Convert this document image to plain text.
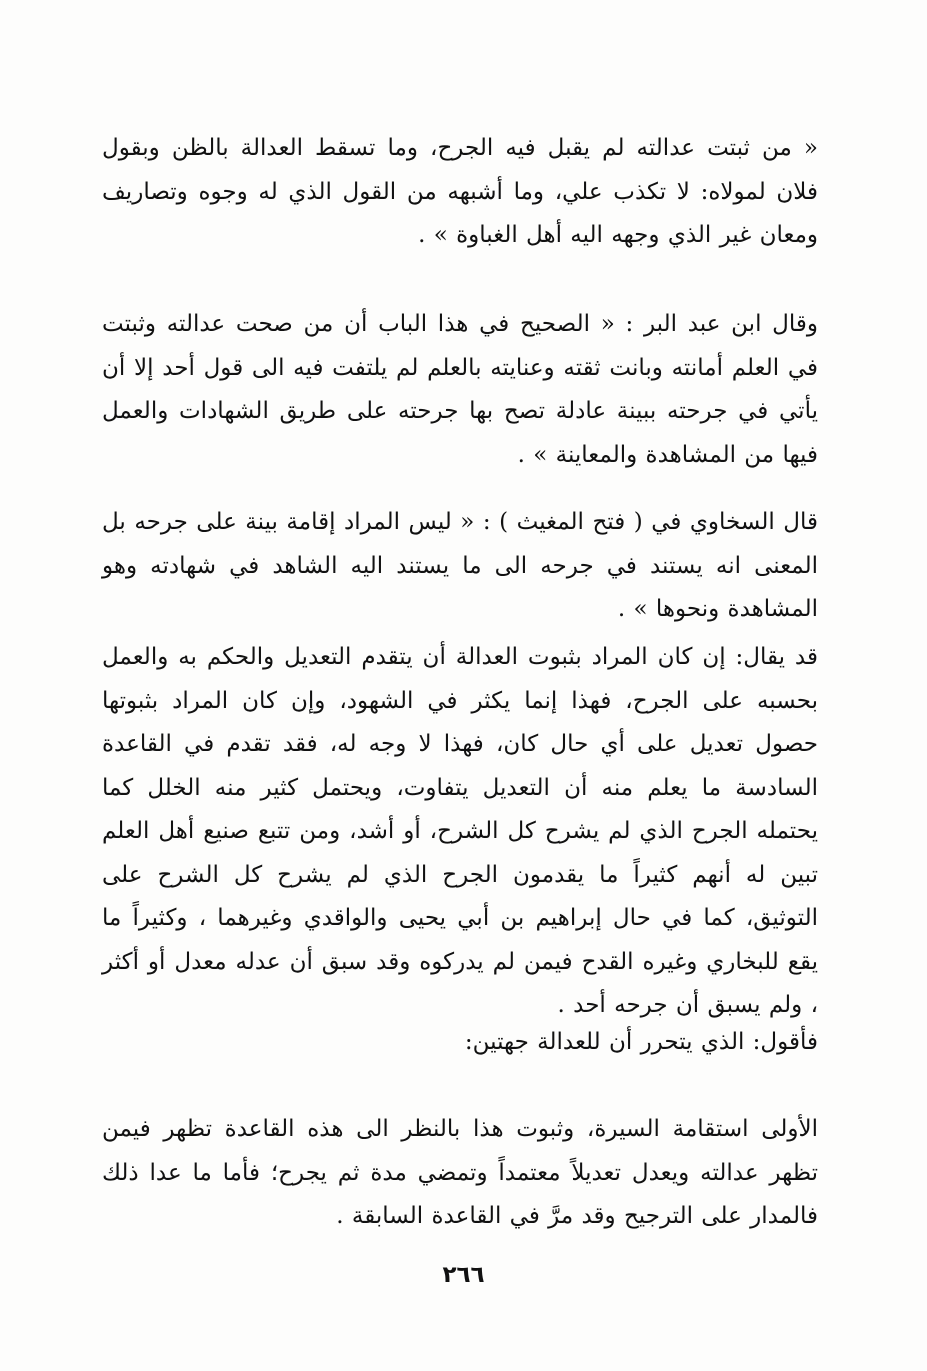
« من ثبتت عدالته لم يقبل فيه الجرح، وما تسقط العدالة بالظن وبقول فلان لمولاه: لا تكذب علي، وما أشبهه من القول الذي له وجوه وتصاريف ومعان غير الذي وجهه اليه أهل الغباوة » .
وقال ابن عبد البر : « الصحيح في هذا الباب أن من صحت عدالته وثبتت في العلم أمانته وبانت ثقته وعنايته بالعلم لم يلتفت فيه الى قول أحد إلا أن يأتي في جرحته ببينة عادلة تصح بها جرحته على طريق الشهادات والعمل فيها من المشاهدة والمعاينة » .
قال السخاوي في ( فتح المغيث ) : « ليس المراد إقامة بينة على جرحه بل المعنى انه يستند في جرحه الى ما يستند اليه الشاهد في شهادته وهو المشاهدة ونحوها » .
قد يقال: إن كان المراد بثبوت العدالة أن يتقدم التعديل والحكم به والعمل بحسبه على الجرح، فهذا إنما يكثر في الشهود، وإن كان المراد بثبوتها حصول تعديل على أي حال كان، فهذا لا وجه له، فقد تقدم في القاعدة السادسة ما يعلم منه أن التعديل يتفاوت، ويحتمل كثير منه الخلل كما يحتمله الجرح الذي لم يشرح كل الشرح، أو أشد، ومن تتبع صنيع أهل العلم تبين له أنهم كثيراً ما يقدمون الجرح الذي لم يشرح كل الشرح على التوثيق، كما في حال إبراهيم بن أبي يحيى والواقدي وغيرهما ، وكثيراً ما يقع للبخاري وغيره القدح فيمن لم يدركوه وقد سبق أن عدله معدل أو أكثر ، ولم يسبق أن جرحه أحد .
فأقول: الذي يتحرر أن للعدالة جهتين:
الأولى استقامة السيرة، وثبوت هذا بالنظر الى هذه القاعدة تظهر فيمن تظهر عدالته ويعدل تعديلاً معتمداً وتمضي مدة ثم يجرح؛ فأما ما عدا ذلك فالمدار على الترجيح وقد مرَّ في القاعدة السابقة .
٢٦٦
